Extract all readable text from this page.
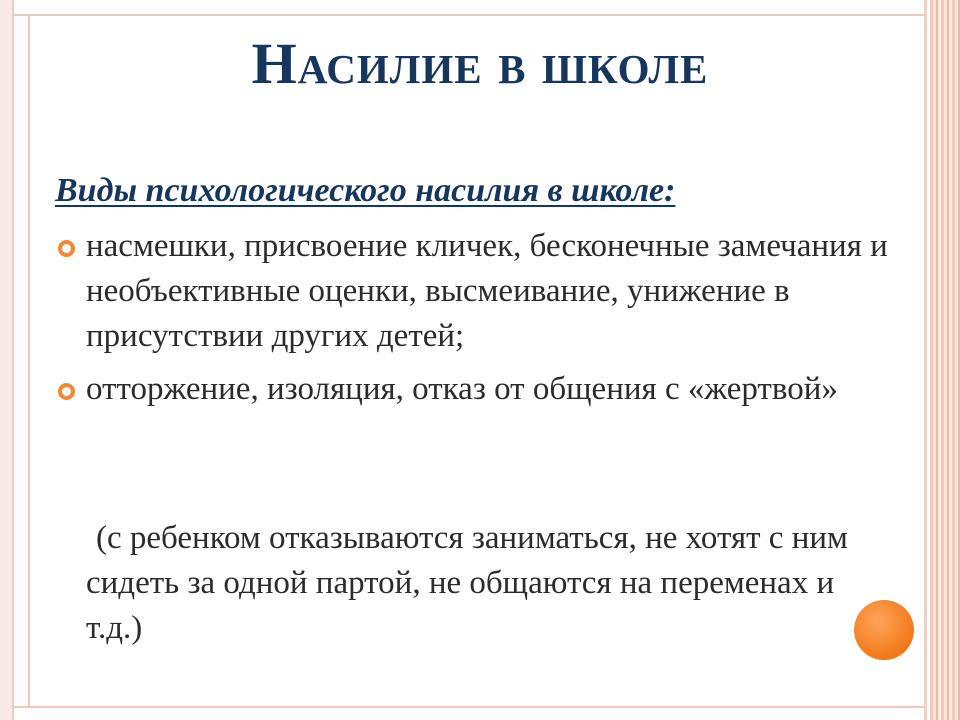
Насилие в школе

Виды психологического насилия в школе:

насмешки, присвоение кличек, бесконечные замечания и необъективные оценки, высмеивание, унижение в присутствии других детей;
отторжение, изоляция, отказ от общения с «жертвой»

(с ребенком отказываются заниматься, не хотят с ним сидеть за одной партой, не общаются на переменах и т.д.)
